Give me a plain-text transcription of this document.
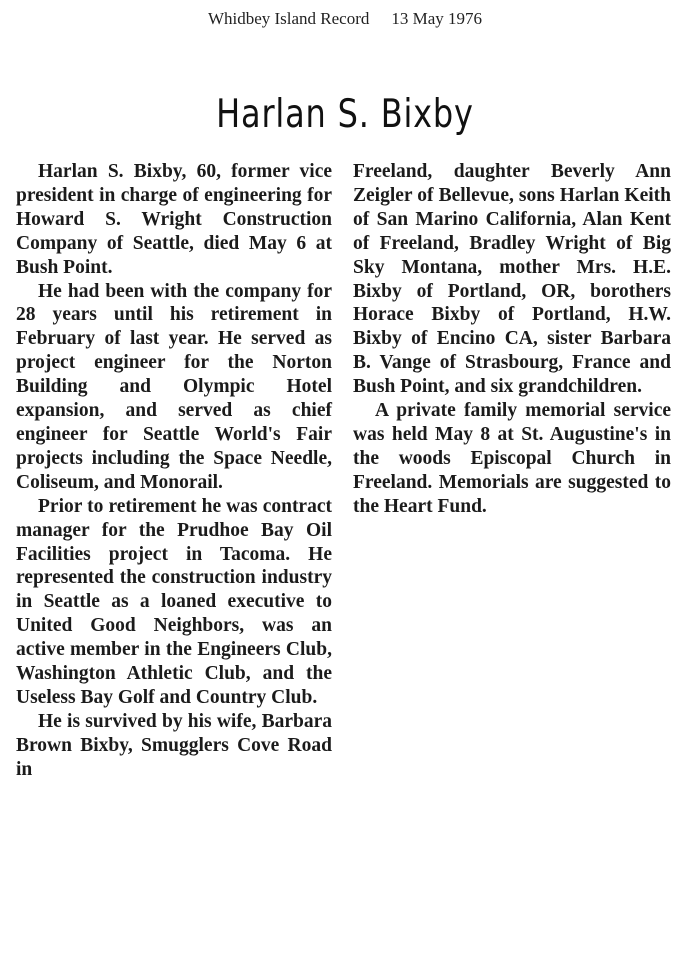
Whidbey Island Record 13 May 1976
Harlan S. Bixby

Harlan S. Bixby, 60, former vice president in charge of engineering for Howard S. Wright Construction Company of Seattle, died May 6 at Bush Point.

He had been with the company for 28 years until his retirement in February of last year. He served as project engineer for the Norton Building and Olympic Hotel expansion, and served as chief engineer for Seattle World's Fair projects including the Space Needle, Coliseum, and Monorail.

Prior to retirement he was contract manager for the Prudhoe Bay Oil Facilities project in Tacoma. He represented the construction industry in Seattle as a loaned executive to United Good Neighbors, was an active member in the Engineers Club, Washington Athletic Club, and the Useless Bay Golf and Country Club.

He is survived by his wife, Barbara Brown Bixby, Smugglers Cove Road in

Freeland, daughter Beverly Ann Zeigler of Bellevue, sons Harlan Keith of San Marino California, Alan Kent of Freeland, Bradley Wright of Big Sky Montana, mother Mrs. H.E. Bixby of Portland, OR, borothers Horace Bixby of Portland, H.W. Bixby of Encino CA, sister Barbara B. Vange of Strasbourg, France and Bush Point, and six grandchildren.

A private family memorial service was held May 8 at St. Augustine's in the woods Episcopal Church in Freeland. Memorials are suggested to the Heart Fund.
